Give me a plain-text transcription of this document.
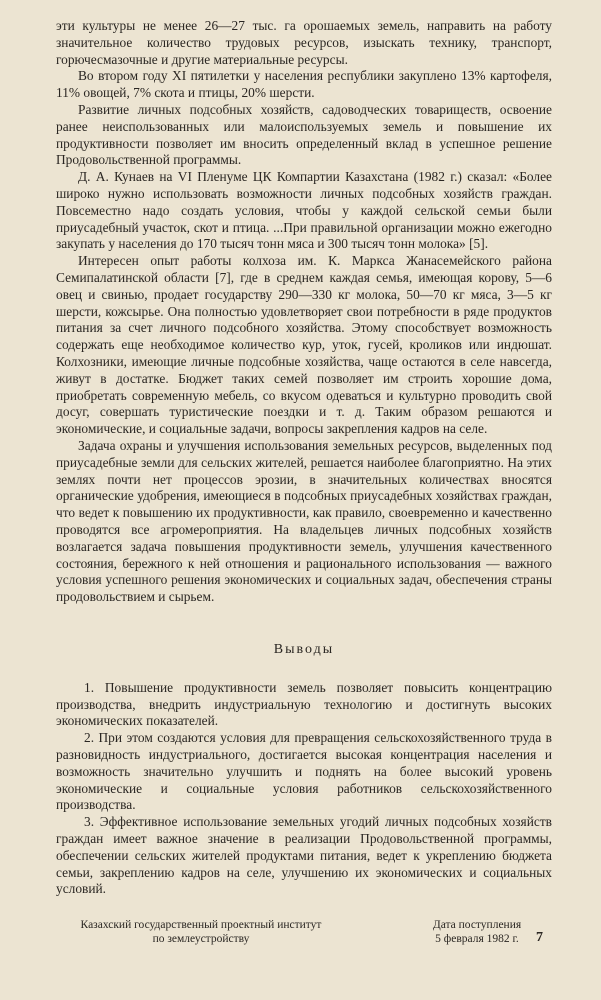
эти культуры не менее 26—27 тыс. га орошаемых земель, направить на работу значительное количество трудовых ресурсов, изыскать технику, транспорт, горючесмазочные и другие материальные ресурсы.

Во втором году XI пятилетки у населения республики закуплено 13% картофеля, 11% овощей, 7% скота и птицы, 20% шерсти.

Развитие личных подсобных хозяйств, садоводческих товариществ, освоение ранее неиспользованных или малоиспользуемых земель и повышение их продуктивности позволяет им вносить определенный вклад в успешное решение Продовольственной программы.

Д. А. Кунаев на VI Пленуме ЦК Компартии Казахстана (1982 г.) сказал: «Более широко нужно использовать возможности личных подсобных хозяйств граждан. Повсеместно надо создать условия, чтобы у каждой сельской семьи были приусадебный участок, скот и птица. ...При правильной организации можно ежегодно закупать у населения до 170 тысяч тонн мяса и 300 тысяч тонн молока» [5].

Интересен опыт работы колхоза им. К. Маркса Жанасемейского района Семипалатинской области [7], где в среднем каждая семья, имеющая корову, 5—6 овец и свинью, продает государству 290—330 кг молока, 50—70 кг мяса, 3—5 кг шерсти, кожсырье. Она полностью удовлетворяет свои потребности в ряде продуктов питания за счет личного подсобного хозяйства. Этому способствует возможность содержать еще необходимое количество кур, уток, гусей, кроликов или индюшат. Колхозники, имеющие личные подсобные хозяйства, чаще остаются в селе навсегда, живут в достатке. Бюджет таких семей позволяет им строить хорошие дома, приобретать современную мебель, со вкусом одеваться и культурно проводить свой досуг, совершать туристические поездки и т. д. Таким образом решаются и экономические, и социальные задачи, вопросы закрепления кадров на селе.

Задача охраны и улучшения использования земельных ресурсов, выделенных под приусадебные земли для сельских жителей, решается наиболее благоприятно. На этих землях почти нет процессов эрозии, в значительных количествах вносятся органические удобрения, имеющиеся в подсобных приусадебных хозяйствах граждан, что ведет к повышению их продуктивности, как правило, своевременно и качественно проводятся все агромероприятия. На владельцев личных подсобных хозяйств возлагается задача повышения продуктивности земель, улучшения качественного состояния, бережного к ней отношения и рационального использования — важного условия успешного решения экономических и социальных задач, обеспечения страны продовольствием и сырьем.

Выводы

1. Повышение продуктивности земель позволяет повысить концентрацию производства, внедрить индустриальную технологию и достигнуть высоких экономических показателей.

2. При этом создаются условия для превращения сельскохозяйственного труда в разновидность индустриального, достигается высокая концентрация населения и возможность значительно улучшить и поднять на более высокий уровень экономические и социальные условия работников сельскохозяйственного производства.

3. Эффективное использование земельных угодий личных подсобных хозяйств граждан имеет важное значение в реализации Продовольственной программы, обеспечении сельских жителей продуктами питания, ведет к укреплению бюджета семьи, закреплению кадров на селе, улучшению их экономических и социальных условий.

Казахский государственный проектный институт
по землеустройству
Дата поступления
5 февраля 1982 г.	7
